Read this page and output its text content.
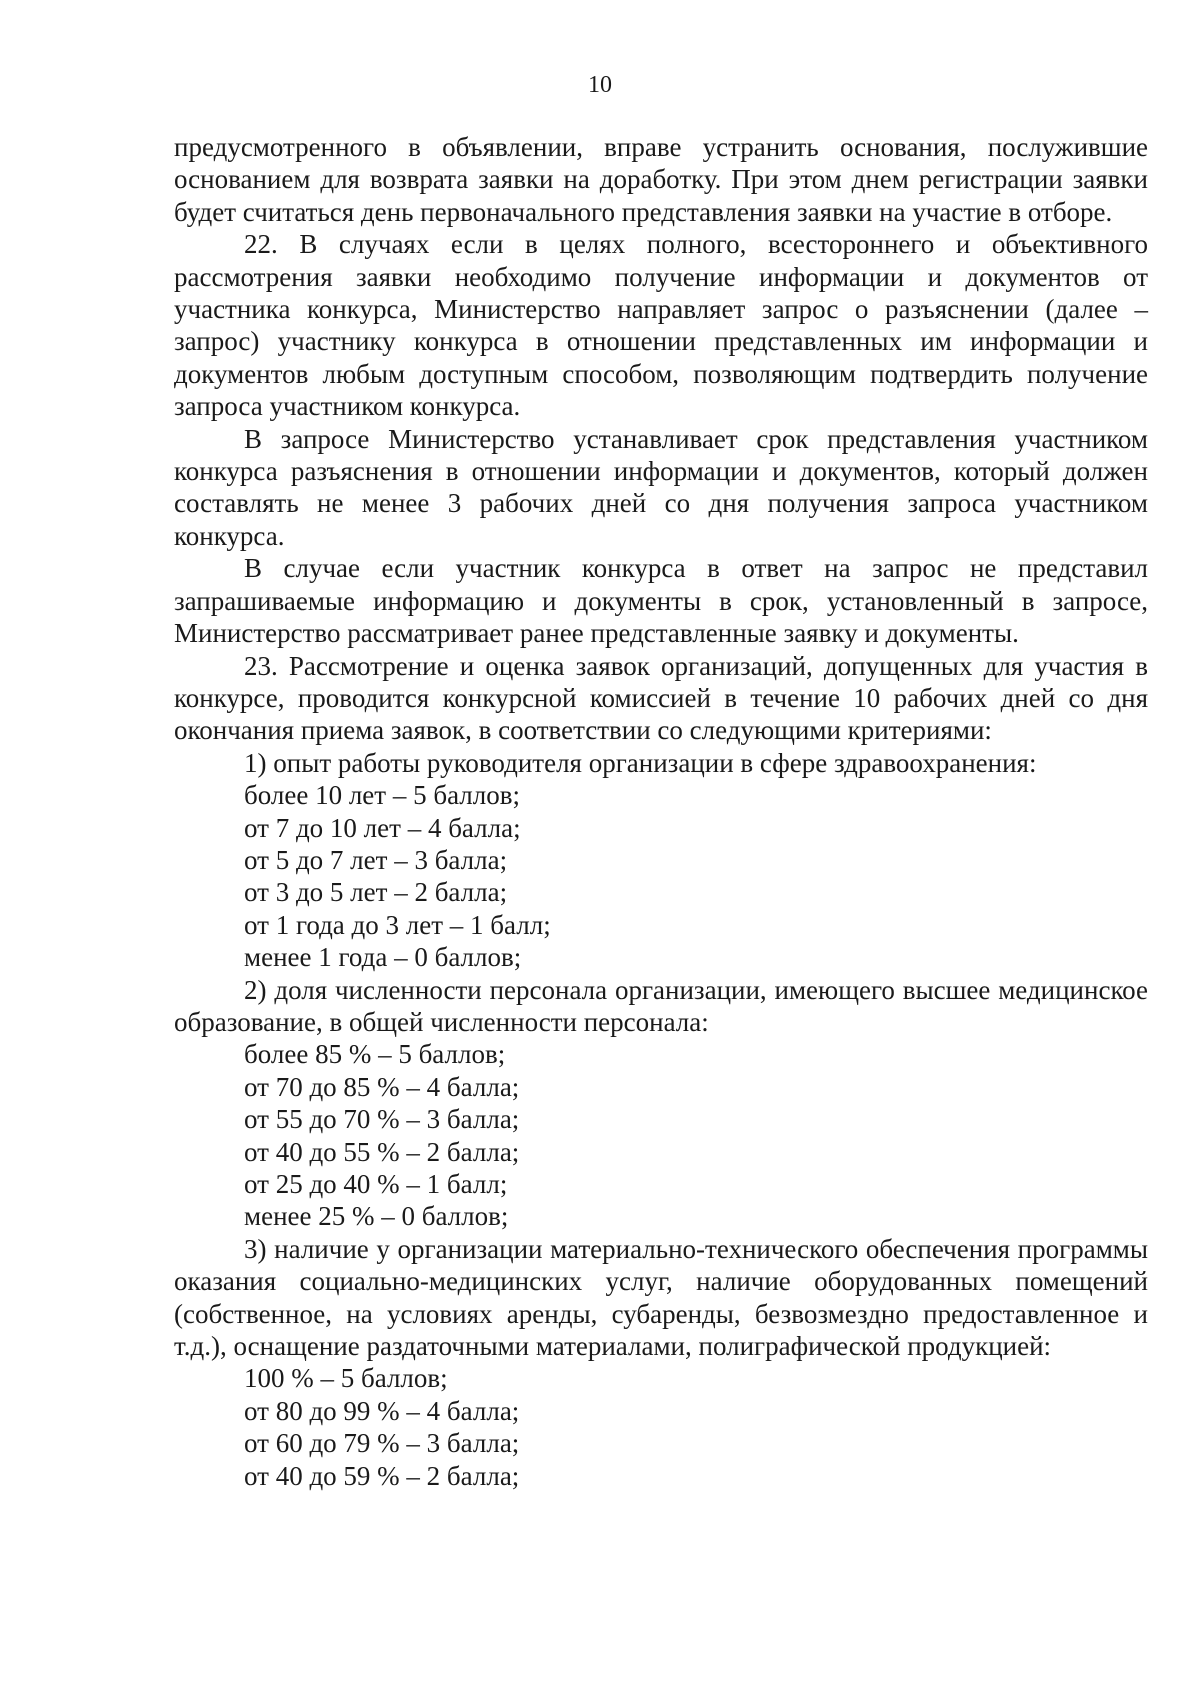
10

предусмотренного в объявлении, вправе устранить основания, послужившие основанием для возврата заявки на доработку. При этом днем регистрации заявки будет считаться день первоначального представления заявки на участие в отборе.

22. В случаях если в целях полного, всестороннего и объективного рассмотрения заявки необходимо получение информации и документов от участника конкурса, Министерство направляет запрос о разъяснении (далее – запрос) участнику конкурса в отношении представленных им информации и документов любым доступным способом, позволяющим подтвердить получение запроса участником конкурса.

В запросе Министерство устанавливает срок представления участником конкурса разъяснения в отношении информации и документов, который должен составлять не менее 3 рабочих дней со дня получения запроса участником конкурса.

В случае если участник конкурса в ответ на запрос не представил запрашиваемые информацию и документы в срок, установленный в запросе, Министерство рассматривает ранее представленные заявку и документы.

23. Рассмотрение и оценка заявок организаций, допущенных для участия в конкурсе, проводится конкурсной комиссией в течение 10 рабочих дней со дня окончания приема заявок, в соответствии со следующими критериями:

1) опыт работы руководителя организации в сфере здравоохранения:

более 10 лет – 5 баллов;

от 7 до 10 лет – 4 балла;

от 5 до 7 лет – 3 балла;

от 3 до 5 лет – 2 балла;

от 1 года до 3 лет – 1 балл;

менее 1 года – 0 баллов;

2) доля численности персонала организации, имеющего высшее медицинское образование, в общей численности персонала:

более 85 % – 5 баллов;

от 70 до 85 % – 4 балла;

от 55 до 70 % – 3 балла;

от 40 до 55 % – 2 балла;

от 25 до 40 % – 1 балл;

менее 25 % – 0 баллов;

3) наличие у организации материально-технического обеспечения программы оказания социально-медицинских услуг, наличие оборудованных помещений (собственное, на условиях аренды, субаренды, безвозмездно предоставленное и т.д.), оснащение раздаточными материалами, полиграфической продукцией:

100 % – 5 баллов;

от 80 до 99 % – 4 балла;

от 60 до 79 % – 3 балла;

от 40 до 59 % – 2 балла;
